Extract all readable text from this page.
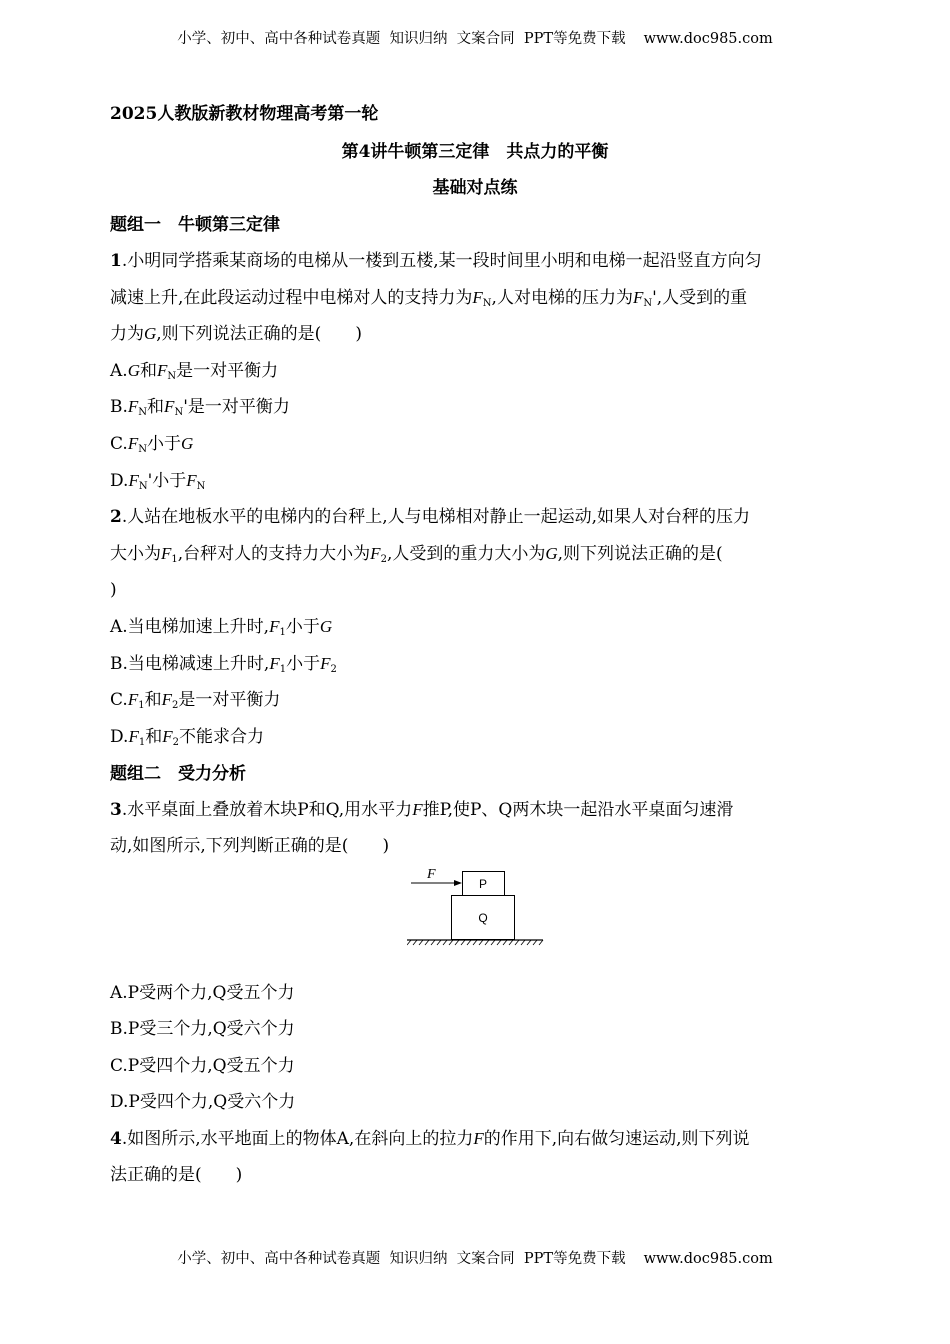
小学、初中、高中各种试卷真题  知识归纳  文案合同  PPT等免费下载 www.doc985.com
2025人教版新教材物理高考第一轮
第4讲牛顿第三定律　共点力的平衡
基础对点练
题组一　牛顿第三定律
1.小明同学搭乘某商场的电梯从一楼到五楼,某一段时间里小明和电梯一起沿竖直方向匀
减速上升,在此段运动过程中电梯对人的支持力为$F_N$,人对电梯的压力为$F_N'$,人受到的重
力为G,则下列说法正确的是(　　)
A.G和$F_N$是一对平衡力
$B.F_N$和$F_N'$是一对平衡力
$C.F_N$小于G
$D.F_N'$小于$F_N$
2.人站在地板水平的电梯内的台秤上,人与电梯相对静止一起运动,如果人对台秤的压力
大小为$F_1$,台秤对人的支持力大小为$F_2$,人受到的重力大小为G,则下列说法正确的是(
)
A.当电梯加速上升时$,F_1$小于G
B.当电梯减速上升时$,F_1$小于$F_2$
$C.F_1$和$F_2$是一对平衡力
$D.F_1$和$F_2$不能求合力
题组二　受力分析
3.水平桌面上叠放着木块P和Q,用水平力F推P,使P、Q两木块一起沿水平桌面匀速滑
动,如图所示,下列判断正确的是(　　)
F
P
Q
A.P受两个力,Q受五个力
B.P受三个力,Q受六个力
C.P受四个力,Q受五个力
D.P受四个力,Q受六个力
4.如图所示,水平地面上的物体A,在斜向上的拉力F的作用下,向右做匀速运动,则下列说
法正确的是(　　)
小学、初中、高中各种试卷真题  知识归纳  文案合同  PPT等免费下载 www.doc985.com
